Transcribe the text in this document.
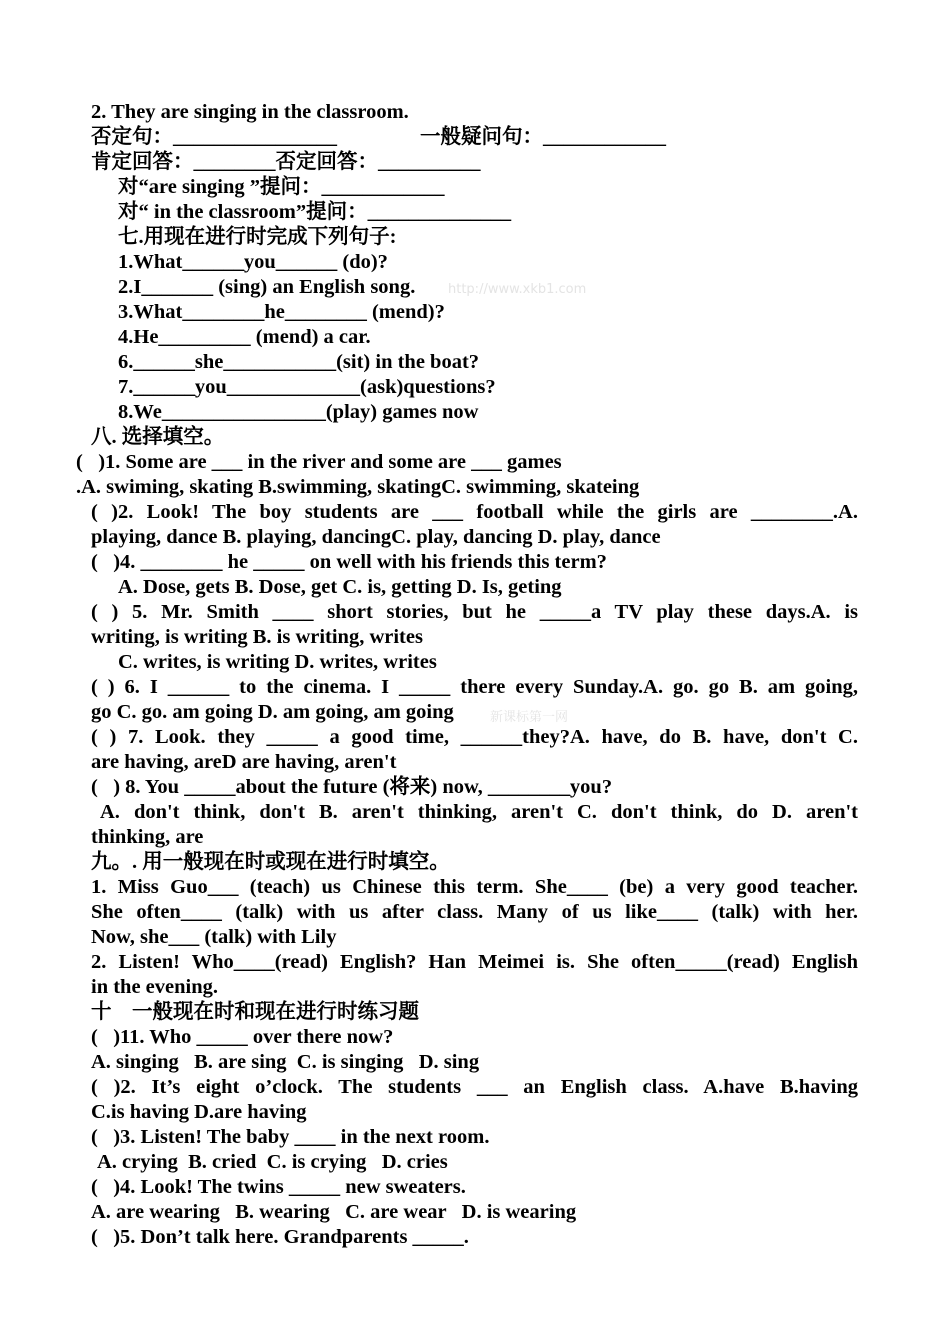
http://www.xkb1.com
新课标第一网
2. They are singing in the classroom.
否定句：________________	一般疑问句：____________
肯定回答：________否定回答：__________
对“are singing ”提问：____________
对“ in the classroom”提问：______________
七.用现在进行时完成下列句子:
1.What______you______ (do)?
2.I_______ (sing) an English song.
3.What________he________ (mend)?
4.He_________ (mend) a car.
6.______she___________(sit) in the boat?
7.______you_____________(ask)questions?
8.We________________(play) games now
八. 选择填空。
(   )1. Some are ___ in the river and some are ___ games
.A. swiming, skating B.swimming, skatingC. swimming, skateing
( )2. Look! The boy students are ___ football while the girls are ________.A.
playing, dance B. playing, dancingC. play, dancing D. play, dance
(   )4. ________ he _____ on well with his friends this term?
A. Dose, gets B. Dose, get C. is, getting D. Is, geting
( ) 5. Mr. Smith ____ short stories, but he _____a TV play these days.A. is
writing, is writing B. is writing, writes
C. writes, is writing D. writes, writes
( ) 6. I ______ to the cinema. I _____ there every Sunday.A. go. go B. am going,
go C. go. am going D. am going, am going
( ) 7. Look. they _____ a good time, ______they?A. have, do B. have, don't C.
are having, areD are having, aren't
(   ) 8. You _____about the future (将来) now, ________you?
A. don't think, don't B. aren't thinking, aren't C. don't think, do D. aren't
thinking, are
九。. 用一般现在时或现在进行时填空。
1. Miss Guo___ (teach) us Chinese this term. She____ (be) a very good teacher.
She often____ (talk) with us after class. Many of us like____ (talk) with her.
Now, she___ (talk) with Lily
2. Listen! Who____(read) English? Han Meimei is. She often_____(read) English
in the evening.
十    一般现在时和现在进行时练习题
(   )11. Who _____ over there now?
A. singing   B. are sing  C. is singing   D. sing
( )2. It’s eight o’clock. The students ___ an English class. A.have B.having
C.is having D.are having
(   )3. Listen! The baby ____ in the next room.
A. crying  B. cried  C. is crying   D. cries
(   )4. Look! The twins _____ new sweaters.
A. are wearing   B. wearing   C. are wear   D. is wearing
(   )5. Don’t talk here. Grandparents _____.
